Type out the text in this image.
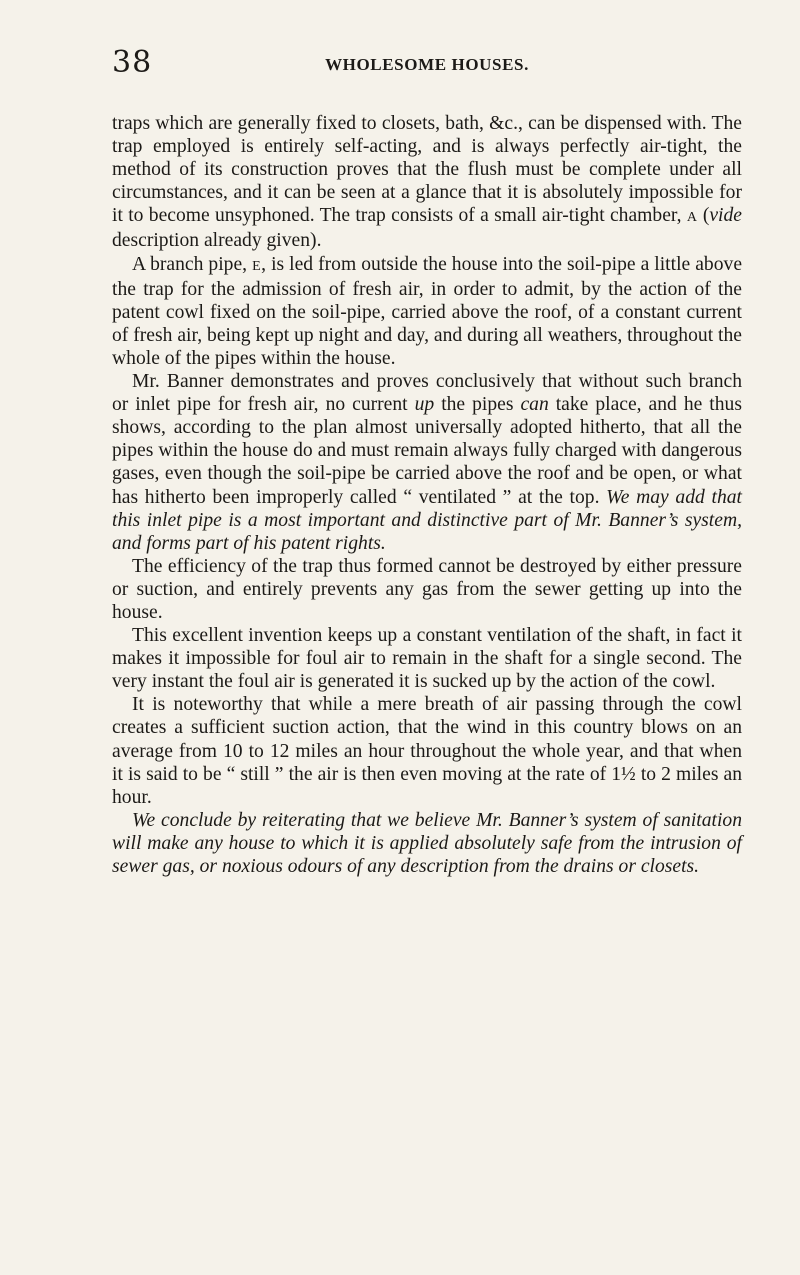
38	WHOLESOME HOUSES.

traps which are generally fixed to closets, bath, &c., can be dispensed with. The trap employed is entirely self-acting, and is always perfectly air-tight, the method of its construction proves that the flush must be complete under all circumstances, and it can be seen at a glance that it is absolutely impossible for it to become unsyphoned. The trap consists of a small air-tight chamber, A (vide description already given).

A branch pipe, E, is led from outside the house into the soil-pipe a little above the trap for the admission of fresh air, in order to admit, by the action of the patent cowl fixed on the soil-pipe, carried above the roof, of a constant current of fresh air, being kept up night and day, and during all weathers, throughout the whole of the pipes within the house.

Mr. Banner demonstrates and proves conclusively that without such branch or inlet pipe for fresh air, no current up the pipes can take place, and he thus shows, according to the plan almost universally adopted hitherto, that all the pipes within the house do and must remain always fully charged with dangerous gases, even though the soil-pipe be carried above the roof and be open, or what has hitherto been improperly called “ ventilated ” at the top. We may add that this inlet pipe is a most important and distinctive part of Mr. Banner’s system, and forms part of his patent rights.

The efficiency of the trap thus formed cannot be destroyed by either pressure or suction, and entirely prevents any gas from the sewer getting up into the house.

This excellent invention keeps up a constant ventilation of the shaft, in fact it makes it impossible for foul air to remain in the shaft for a single second. The very instant the foul air is generated it is sucked up by the action of the cowl.

It is noteworthy that while a mere breath of air passing through the cowl creates a sufficient suction action, that the wind in this country blows on an average from 10 to 12 miles an hour throughout the whole year, and that when it is said to be “ still ” the air is then even moving at the rate of 1½ to 2 miles an hour.

We conclude by reiterating that we believe Mr. Banner’s system of sanitation will make any house to which it is applied absolutely safe from the intrusion of sewer gas, or noxious odours of any description from the drains or closets.
